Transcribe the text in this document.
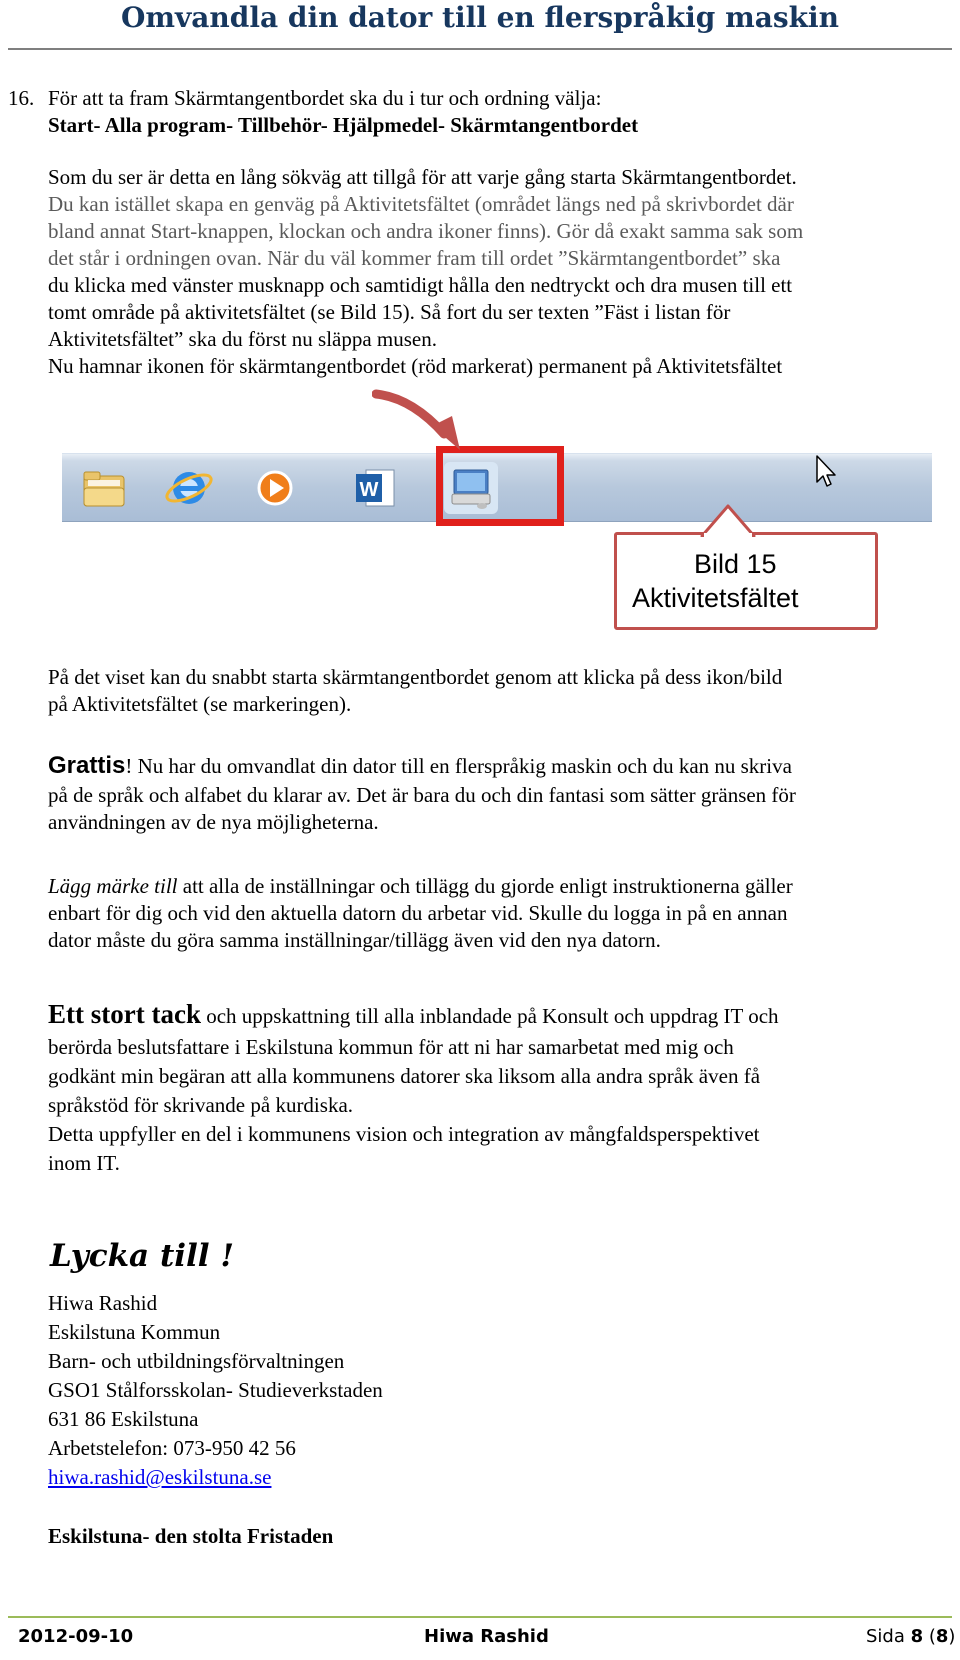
Omvandla din dator till en flerspråkig maskin
16. För att ta fram Skärmtangentbordet ska du i tur och ordning välja:
Start- Alla program- Tillbehör- Hjälpmedel- Skärmtangentbordet
Som du ser är detta en lång sökväg att tillgå för att varje gång starta Skärmtangentbordet.
Du kan istället skapa en genväg på Aktivitetsfältet (området längs ned på skrivbordet där
bland annat Start-knappen, klockan och andra ikoner finns). Gör då exakt samma sak som
det står i ordningen ovan. När du väl kommer fram till ordet ”Skärmtangentbordet” ska
du klicka med vänster musknapp och samtidigt hålla den nedtryckt och dra musen till ett
tomt område på aktivitetsfältet (se Bild 15). Så fort du ser texten ”Fäst i listan för
Aktivitetsfältet” ska du först nu släppa musen.
Nu hamnar ikonen för skärmtangentbordet (röd markerat) permanent på Aktivitetsfältet
W
Bild 15
Aktivitetsfältet
På det viset kan du snabbt starta skärmtangentbordet genom att klicka på dess ikon/bild
på Aktivitetsfältet (se markeringen).
Grattis! Nu har du omvandlat din dator till en flerspråkig maskin och du kan nu skriva
på de språk och alfabet du klarar av. Det är bara du och din fantasi som sätter gränsen för
användningen av de nya möjligheterna.
Lägg märke till att alla de inställningar och tillägg du gjorde enligt instruktionerna gäller
enbart för dig och vid den aktuella datorn du arbetar vid. Skulle du logga in på en annan
dator måste du göra samma inställningar/tillägg även vid den nya datorn.
Ett stort tack och uppskattning till alla inblandade på Konsult och uppdrag IT och
berörda beslutsfattare i Eskilstuna kommun för att ni har samarbetat med mig och
godkänt min begäran att alla kommunens datorer ska liksom alla andra språk även få
språkstöd för skrivande på kurdiska.
Detta uppfyller en del i kommunens vision och integration av mångfaldsperspektivet
inom IT.
Lycka till !
Hiwa Rashid
Eskilstuna Kommun
Barn- och utbildningsförvaltningen
GSO1 Stålforsskolan- Studieverkstaden
631 86 Eskilstuna
Arbetstelefon: 073-950 42 56
hiwa.rashid@eskilstuna.se
Eskilstuna- den stolta Fristaden
2012-09-10	Hiwa Rashid	Sida 8 (8)
